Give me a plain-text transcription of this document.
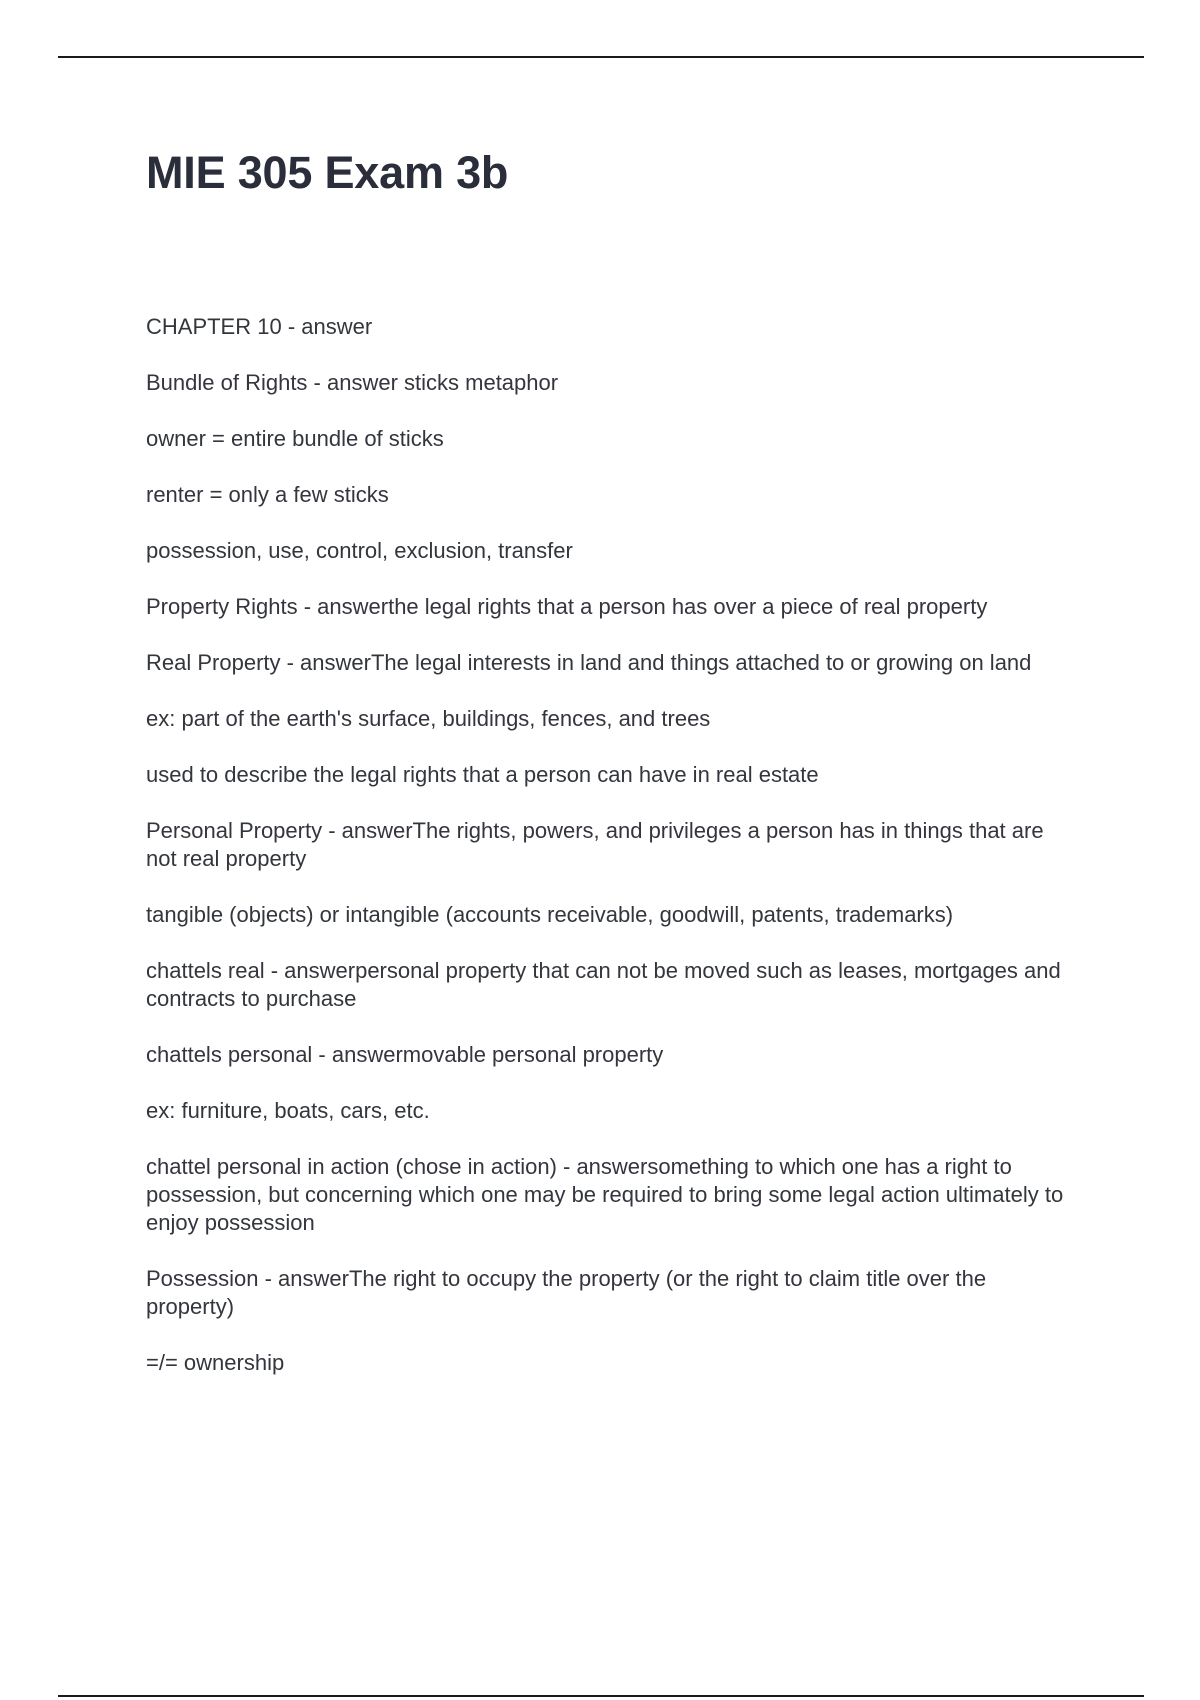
MIE 305 Exam 3b

CHAPTER 10 - answer

Bundle of Rights - answer sticks metaphor

owner = entire bundle of sticks

renter = only a few sticks

possession, use, control, exclusion, transfer

Property Rights - answerthe legal rights that a person has over a piece of real property

Real Property - answerThe legal interests in land and things attached to or growing on land

ex: part of the earth's surface, buildings, fences, and trees

used to describe the legal rights that a person can have in real estate

Personal Property - answerThe rights, powers, and privileges a person has in things that are not real property

tangible (objects) or intangible (accounts receivable, goodwill, patents, trademarks)

chattels real - answerpersonal property that can not be moved such as leases, mortgages and contracts to purchase

chattels personal - answermovable personal property

ex: furniture, boats, cars, etc.

chattel personal in action (chose in action) - answersomething to which one has a right to possession, but concerning which one may be required to bring some legal action ultimately to enjoy possession

Possession - answerThe right to occupy the property (or the right to claim title over the property)

=/= ownership
